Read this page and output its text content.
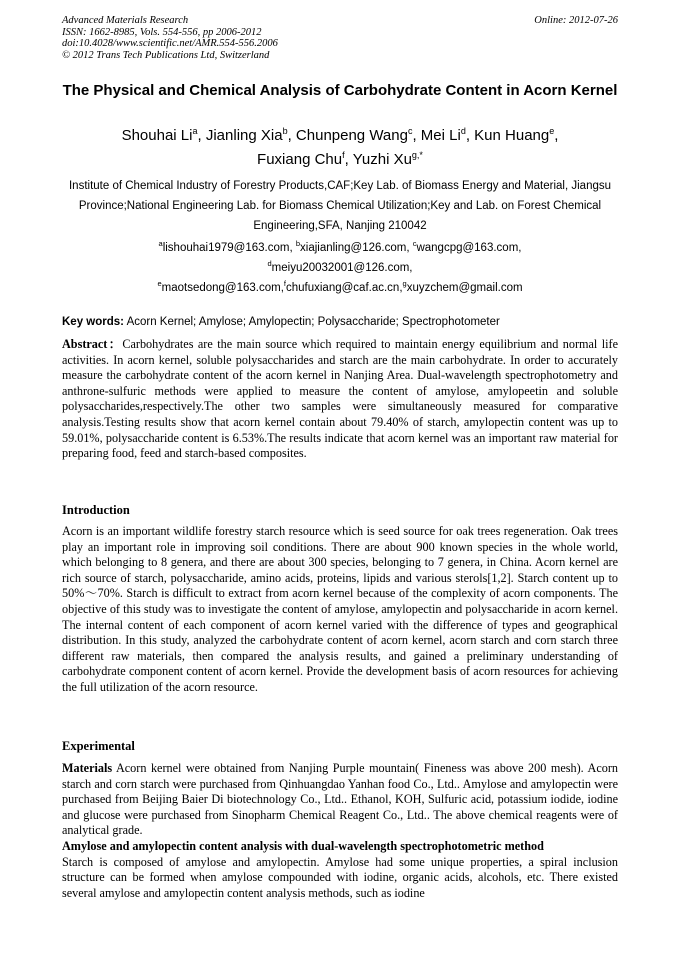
Advanced Materials Research
ISSN: 1662-8985, Vols. 554-556, pp 2006-2012
doi:10.4028/www.scientific.net/AMR.554-556.2006
© 2012 Trans Tech Publications Ltd, Switzerland
Online: 2012-07-26
The Physical and Chemical Analysis of Carbohydrate Content in Acorn Kernel
Shouhai Li$^a$, Jianling Xia$^b$, Chunpeng Wang$^c$, Mei Li$^d$, Kun Huang$^e$,
Fuxiang Chu$^f$, Yuzhi $Xu^{g,*}$
Institute of Chemical Industry of Forestry Products,CAF;Key Lab. of Biomass Energy and Material, Jiangsu Province;National Engineering Lab. for Biomass Chemical Utilization;Key and Lab. on Forest Chemical Engineering,SFA, Nanjing 210042
$^a$lishouhai1979@163.com, $^b$xiajianling@126.com, $^c$wangcpg@163.com,
$^d$meiyu20032001@126.com,
$^e$maotsedong@163.com,$^f$chufuxiang@caf.ac.cn,$^g$xuyzchem@gmail.com
Key words: Acorn Kernel; Amylose; Amylopectin; Polysaccharide; Spectrophotometer
Abstract：Carbohydrates are the main source which required to maintain energy equilibrium and normal life activities. In acorn kernel, soluble polysaccharides and starch are the main carbohydrate. In order to accurately measure the carbohydrate content of the acorn kernel in Nanjing Area. Dual-wavelength spectrophotometry and anthrone-sulfuric methods were applied to measure the content of amylose, amylopeetin and soluble polysaccharides,respectively.The other two samples were simultaneously measured for comparative analysis.Testing results show that acorn kernel contain about 79.40% of starch, amylopectin content was up to 59.01%, polysaccharide content is 6.53%.The results indicate that acorn kernel was an important raw material for preparing food, feed and starch-based composites.
Introduction
Acorn is an important wildlife forestry starch resource which is seed source for oak trees regeneration. Oak trees play an important role in improving soil conditions. There are about 900 known species in the whole world, which belonging to 8 genera, and there are about 300 species, belonging to 7 genera, in China. Acorn kernel are rich source of starch, polysaccharide, amino acids, proteins, lipids and various sterols[1,2]. Starch content up to 50%～70%. Starch is difficult to extract from acorn kernel because of the complexity of acorn components. The objective of this study was to investigate the content of amylose, amylopectin and polysaccharide in acorn kernel. The internal content of each component of acorn kernel varied with the difference of types and geographical distribution. In this study, analyzed the carbohydrate content of acorn kernel, acorn starch and corn starch three different raw materials, then compared the analysis results, and gained a preliminary understanding of carbohydrate component content of acorn kernel. Provide the development basis of acorn resources for achieving the full utilization of the acorn resource.
Experimental

Materials Acorn kernel were obtained from Nanjing Purple mountain( Fineness was above 200 mesh). Acorn starch and corn starch were purchased from Qinhuangdao Yanhan food Co., Ltd.. Amylose and amylopectin were purchased from Beijing Baier Di biotechnology Co., Ltd.. Ethanol, KOH, Sulfuric acid, potassium iodide, iodine and glucose were purchased from Sinopharm Chemical Reagent Co., Ltd.. The above chemical reagents were of analytical grade.

Amylose and amylopectin content analysis with dual-wavelength spectrophotometric method
Starch is composed of amylose and amylopectin. Amylose had some unique properties, a spiral inclusion structure can be formed when amylose compounded with iodine, organic acids, alcohols, etc. There existed several amylose and amylopectin content analysis methods, such as iodine
